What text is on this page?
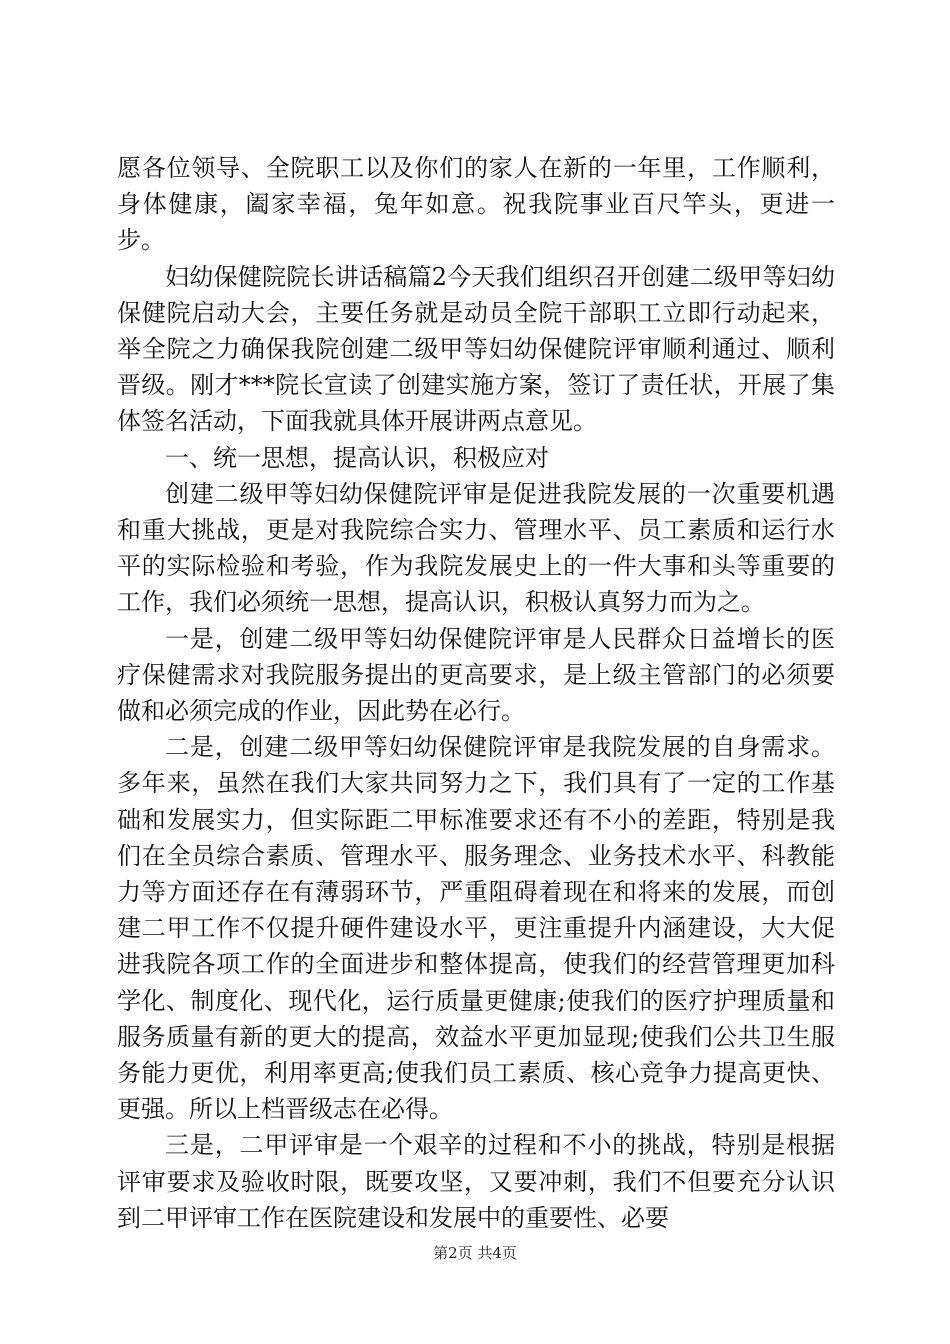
愿各位领导、全院职工以及你们的家人在新的一年里，工作顺利，身体健康，阖家幸福，兔年如意。祝我院事业百尺竿头，更进一步。

妇幼保健院院长讲话稿篇2今天我们组织召开创建二级甲等妇幼保健院启动大会，主要任务就是动员全院干部职工立即行动起来，举全院之力确保我院创建二级甲等妇幼保健院评审顺利通过、顺利晋级。刚才***院长宣读了创建实施方案，签订了责任状，开展了集体签名活动，下面我就具体开展讲两点意见。

一、统一思想，提高认识，积极应对

创建二级甲等妇幼保健院评审是促进我院发展的一次重要机遇和重大挑战，更是对我院综合实力、管理水平、员工素质和运行水平的实际检验和考验，作为我院发展史上的一件大事和头等重要的工作，我们必须统一思想，提高认识，积极认真努力而为之。

一是，创建二级甲等妇幼保健院评审是人民群众日益增长的医疗保健需求对我院服务提出的更高要求，是上级主管部门的必须要做和必须完成的作业，因此势在必行。

二是，创建二级甲等妇幼保健院评审是我院发展的自身需求。多年来，虽然在我们大家共同努力之下，我们具有了一定的工作基础和发展实力，但实际距二甲标准要求还有不小的差距，特别是我们在全员综合素质、管理水平、服务理念、业务技术水平、科教能力等方面还存在有薄弱环节，严重阻碍着现在和将来的发展，而创建二甲工作不仅提升硬件建设水平，更注重提升内涵建设，大大促进我院各项工作的全面进步和整体提高，使我们的经营管理更加科学化、制度化、现代化，运行质量更健康;使我们的医疗护理质量和服务质量有新的更大的提高，效益水平更加显现;使我们公共卫生服务能力更优，利用率更高;使我们员工素质、核心竞争力提高更快、更强。所以上档晋级志在必得。

三是，二甲评审是一个艰辛的过程和不小的挑战，特别是根据评审要求及验收时限，既要攻坚，又要冲刺，我们不但要充分认识到二甲评审工作在医院建设和发展中的重要性、必要

第2页 共4页
